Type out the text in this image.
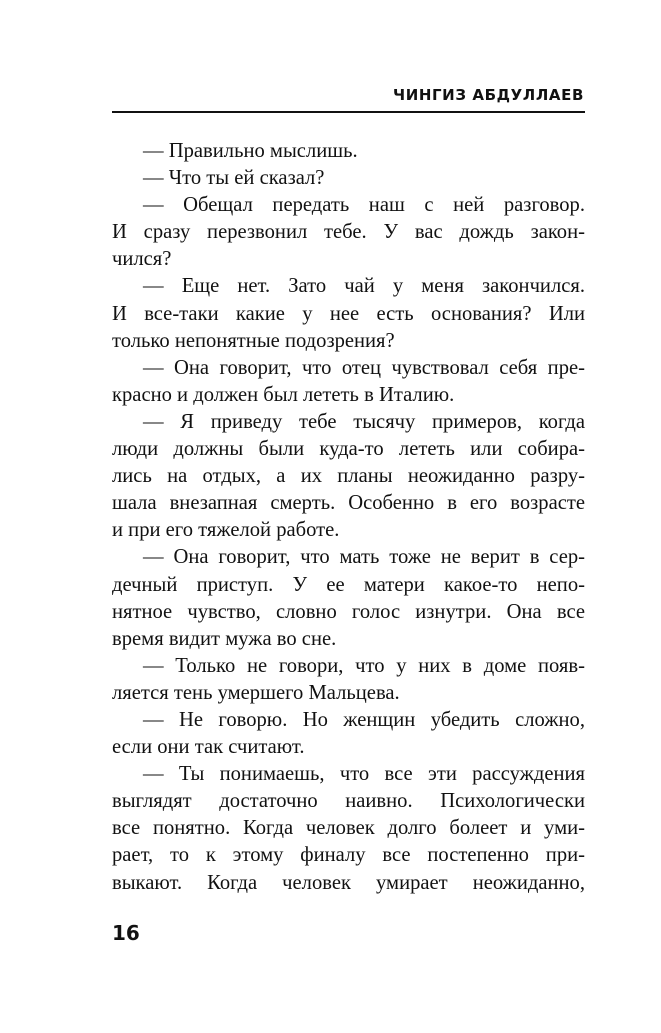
ЧИНГИЗ АБДУЛЛАЕВ
— Правильно мыслишь.
— Что ты ей сказал?
— Обещал передать наш с ней разговор.
И сразу перезвонил тебе. У вас дождь закон-
чился?
— Еще нет. Зато чай у меня закончился.
И все-таки какие у нее есть основания? Или
только непонятные подозрения?
— Она говорит, что отец чувствовал себя пре-
красно и должен был лететь в Италию.
— Я приведу тебе тысячу примеров, когда
люди должны были куда-то лететь или собира-
лись на отдых, а их планы неожиданно разру-
шала внезапная смерть. Особенно в его возрасте
и при его тяжелой работе.
— Она говорит, что мать тоже не верит в сер-
дечный приступ. У ее матери какое-то непо-
нятное чувство, словно голос изнутри. Она все
время видит мужа во сне.
— Только не говори, что у них в доме появ-
ляется тень умершего Мальцева.
— Не говорю. Но женщин убедить сложно,
если они так считают.
— Ты понимаешь, что все эти рассуждения
выглядят достаточно наивно. Психологически
все понятно. Когда человек долго болеет и уми-
рает, то к этому финалу все постепенно при-
выкают. Когда человек умирает неожиданно,
16
